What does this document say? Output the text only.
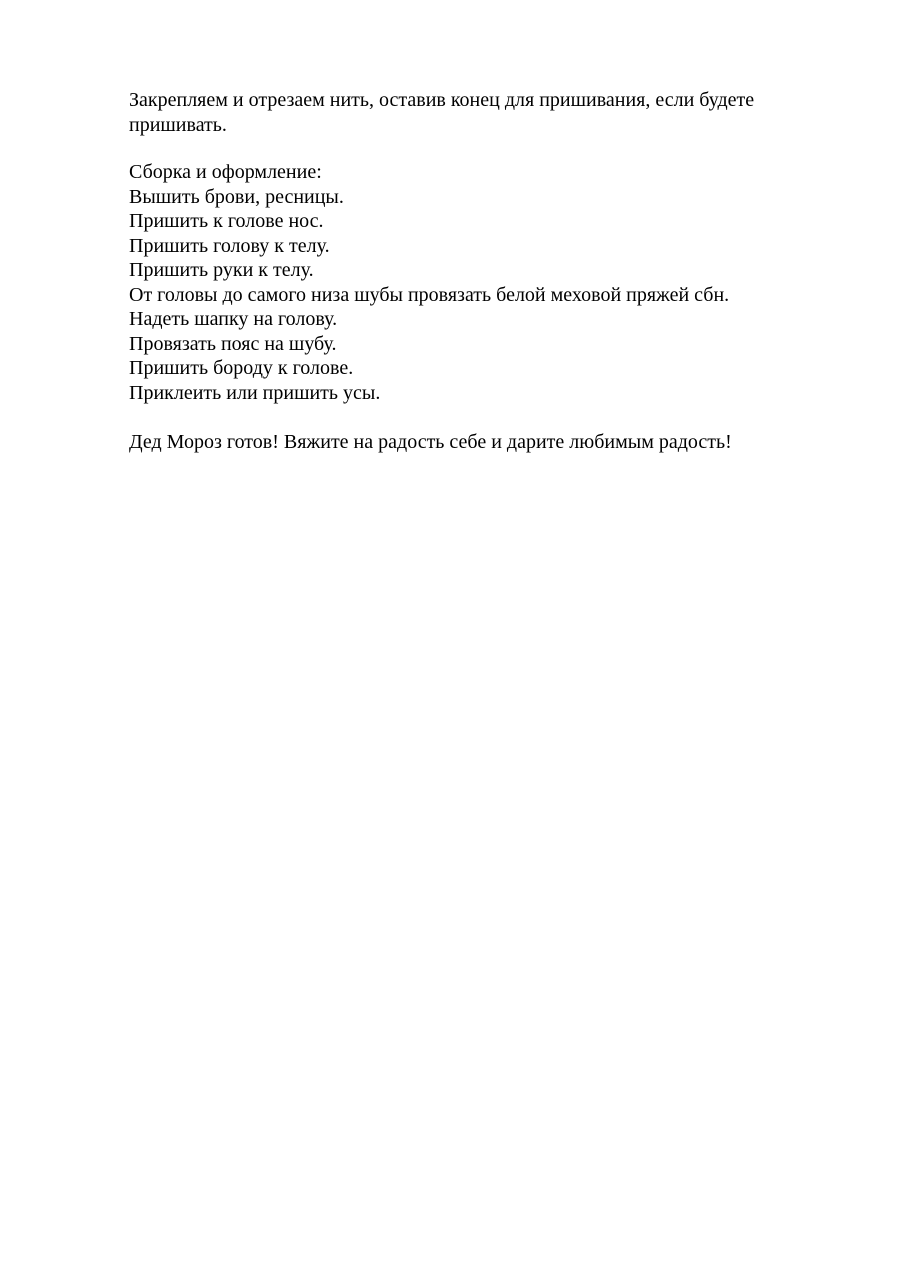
Закрепляем и отрезаем нить, оставив конец для пришивания, если будете

пришивать.

Сборка и оформление:

Вышить брови, ресницы.

Пришить к голове нос.

Пришить голову к телу.

Пришить руки к телу.

От головы до самого низа шубы провязать белой меховой пряжей сбн.

Надеть шапку на голову.

Провязать пояс на шубу.

Пришить бороду к голове.

Приклеить или пришить усы.

Дед Мороз готов! Вяжите на радость себе и дарите любимым радость!
